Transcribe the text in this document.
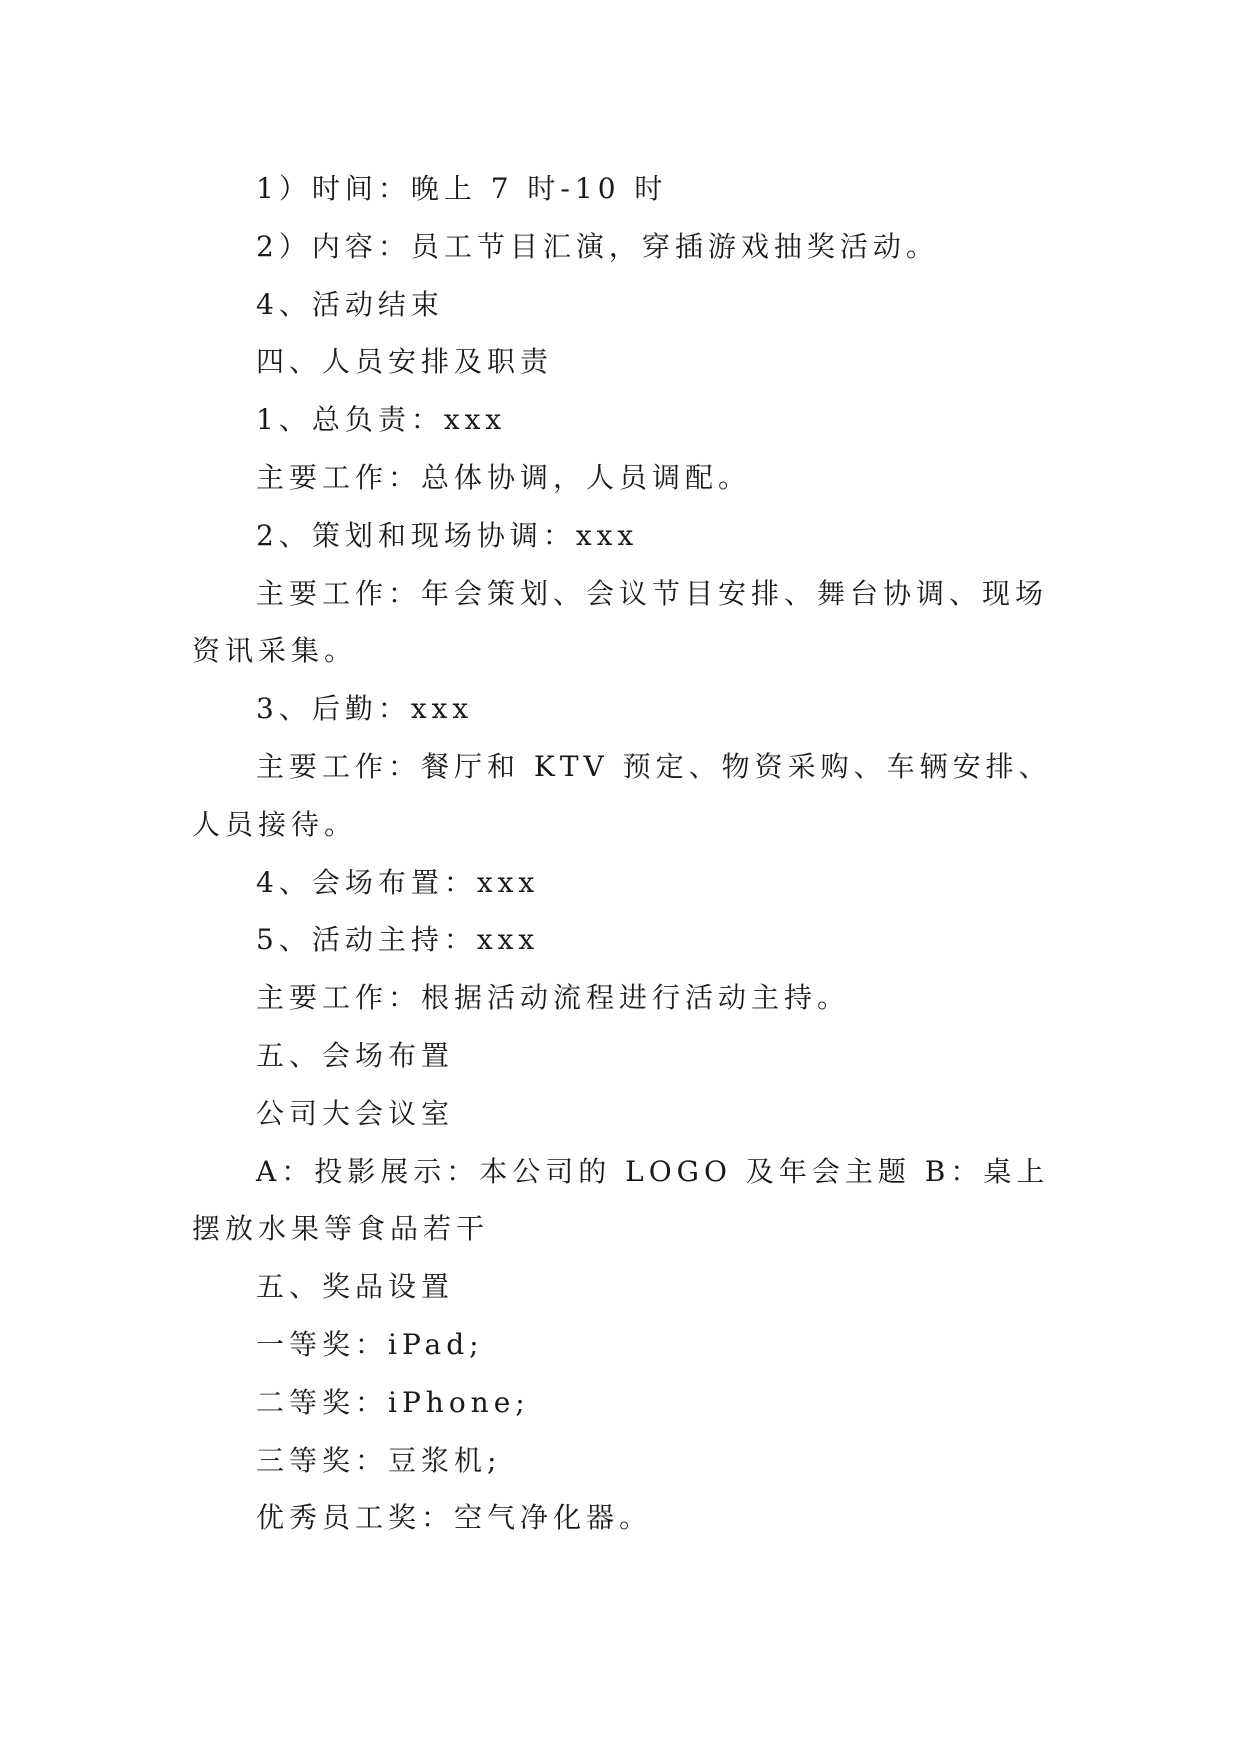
1）时间：晚上 7 时-10 时

2）内容：员工节目汇演，穿插游戏抽奖活动。

4、活动结束

四、人员安排及职责

1、总负责：xxx

主要工作：总体协调，人员调配。

2、策划和现场协调：xxx

主要工作：年会策划、会议节目安排、舞台协调、现场资讯采集。

3、后勤：xxx

主要工作：餐厅和 KTV 预定、物资采购、车辆安排、人员接待。

4、会场布置：xxx

5、活动主持：xxx

主要工作：根据活动流程进行活动主持。

五、会场布置

公司大会议室

A：投影展示：本公司的 LOGO 及年会主题 B：桌上摆放水果等食品若干

五、奖品设置

一等奖：iPad;

二等奖：iPhone;

三等奖：豆浆机;

优秀员工奖：空气净化器。
